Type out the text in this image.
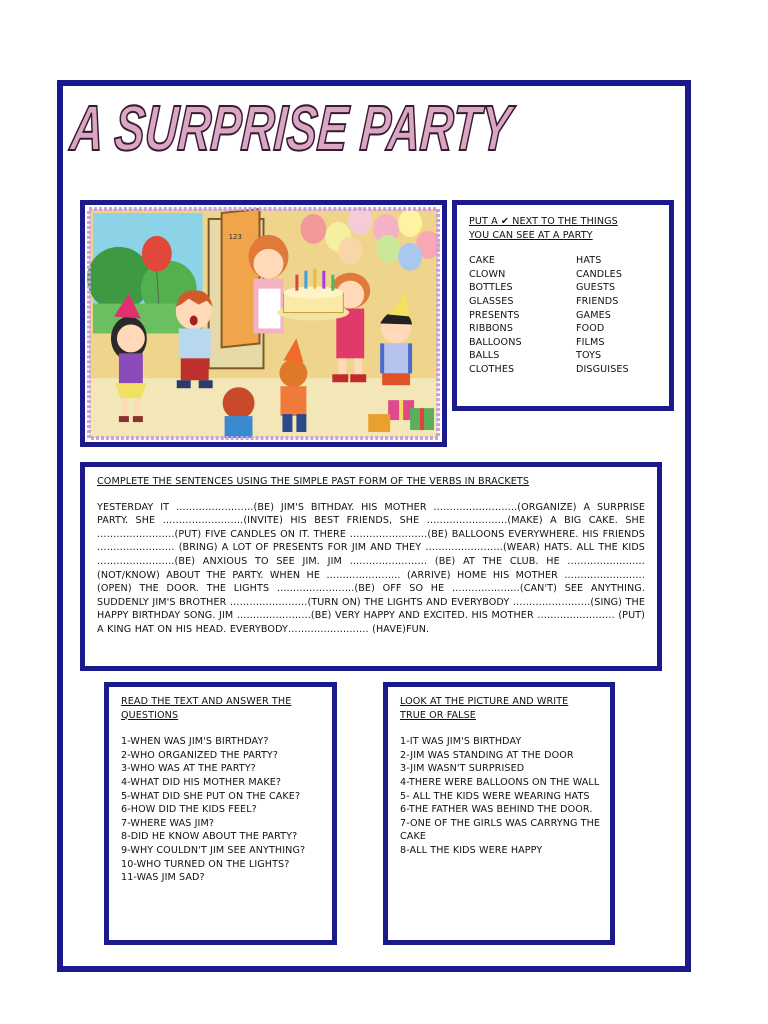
A SURPRISE PARTY
123
PUT A ✔ NEXT TO THE THINGS
YOU CAN SEE AT A PARTY
CAKE	HATS
CLOWN	CANDLES
BOTTLES	GUESTS
GLASSES	FRIENDS
PRESENTS	GAMES
RIBBONS	FOOD
BALLOONS	FILMS
BALLS	TOYS
CLOTHES	DISGUISES
COMPLETE THE SENTENCES USING THE SIMPLE PAST FORM OF THE VERBS IN BRACKETS
YESTERDAY IT ……………………(BE) JIM'S BITHDAY. HIS MOTHER ……………………..(ORGANIZE) A SURPRISE PARTY. SHE …………………….(INVITE) HIS BEST FRIENDS, SHE …………………….(MAKE) A BIG CAKE. SHE ……………………(PUT) FIVE CANDLES ON IT. THERE ……………………(BE) BALLOONS EVERYWHERE. HIS FRIENDS …………………… (BRING) A LOT OF PRESENTS FOR JIM AND THEY ……………………(WEAR) HATS. ALL THE KIDS ……………………(BE) ANXIOUS TO SEE JIM. JIM …………………… (BE) AT THE CLUB. HE ……………………(NOT/KNOW) ABOUT THE PARTY. WHEN HE ………………….. (ARRIVE) HOME HIS MOTHER ……………………. (OPEN) THE DOOR. THE LIGHTS ……………………(BE) OFF SO HE …………………(CAN'T) SEE ANYTHING. SUDDENLY JIM'S BROTHER ……………………(TURN ON) THE LIGHTS AND EVERYBODY ……………………(SING) THE HAPPY BIRTHDAY SONG. JIM …………………..(BE) VERY HAPPY AND EXCITED. HIS MOTHER …………………… (PUT) A KING HAT ON HIS HEAD. EVERYBODY……………………. (HAVE)FUN.
READ THE TEXT AND ANSWER THE
QUESTIONS
1-WHEN WAS JIM'S BIRTHDAY?
2-WHO ORGANIZED THE PARTY?
3-WHO WAS AT THE PARTY?
4-WHAT DID HIS MOTHER MAKE?
5-WHAT DID SHE PUT ON THE CAKE?
6-HOW DID THE KIDS FEEL?
7-WHERE WAS JIM?
8-DID HE KNOW ABOUT THE PARTY?
9-WHY COULDN'T JIM SEE ANYTHING?
10-WHO TURNED ON THE LIGHTS?
11-WAS JIM SAD?
LOOK AT THE PICTURE AND WRITE
TRUE OR FALSE
1-IT WAS JIM'S BIRTHDAY
2-JIM WAS STANDING AT THE DOOR
3-JIM WASN'T SURPRISED
4-THERE WERE BALLOONS ON THE WALL
5- ALL THE KIDS WERE WEARING HATS
6-THE FATHER WAS BEHIND THE DOOR.
7-ONE OF THE GIRLS WAS CARRYNG THE CAKE
8-ALL THE KIDS WERE HAPPY
